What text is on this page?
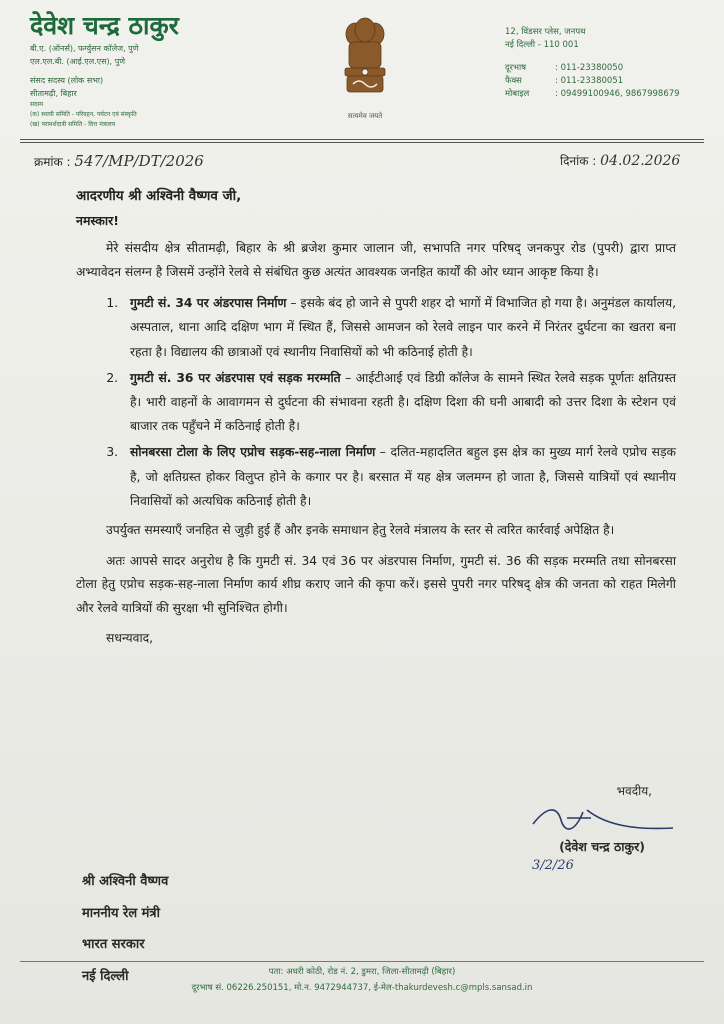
देवेश चन्द्र ठाकुर
बी.ए. (ऑनर्स), फर्ग्युसन कॉलेज, पुणे
एल.एल.बी. (आई.एल.एस), पुणे
संसद सदस्य (लोक सभा)
सीतामढ़ी, बिहार
सदस्य
(क) स्थायी समिति - परिवहन, पर्यटन एवं संस्कृति
(ख) परामर्शदात्री समिति - वित्त मंत्रालय
सत्यमेव जयते
12, विंडसर प्लेस, जनपथ
नई दिल्ली - 110 001
दूरभाष	: 011-23380050
फैक्स	: 011-23380051
मोबाइल	: 09499100946, 9867998679
क्रमांक : 547/MP/DT/2026	दिनांक : 04.02.2026
आदरणीय श्री अश्विनी वैष्णव जी,
नमस्कार!

मेरे संसदीय क्षेत्र सीतामढ़ी, बिहार के श्री ब्रजेश कुमार जालान जी, सभापति नगर परिषद् जनकपुर रोड (पुपरी) द्वारा प्राप्त अभ्यावेदन संलग्न है जिसमें उन्होंने रेलवे से संबंधित कुछ अत्यंत आवश्यक जनहित कार्यों की ओर ध्यान आकृष्ट किया है।

1. गुमटी सं. 34 पर अंडरपास निर्माण – इसके बंद हो जाने से पुपरी शहर दो भागों में विभाजित हो गया है। अनुमंडल कार्यालय, अस्पताल, थाना आदि दक्षिण भाग में स्थित हैं, जिससे आमजन को रेलवे लाइन पार करने में निरंतर दुर्घटना का खतरा बना रहता है। विद्यालय की छात्राओं एवं स्थानीय निवासियों को भी कठिनाई होती है।
2. गुमटी सं. 36 पर अंडरपास एवं सड़क मरम्मति – आईटीआई एवं डिग्री कॉलेज के सामने स्थित रेलवे सड़क पूर्णतः क्षतिग्रस्त है। भारी वाहनों के आवागमन से दुर्घटना की संभावना रहती है। दक्षिण दिशा की घनी आबादी को उत्तर दिशा के स्टेशन एवं बाजार तक पहुँचने में कठिनाई होती है।
3. सोनबरसा टोला के लिए एप्रोच सड़क-सह-नाला निर्माण – दलित-महादलित बहुल इस क्षेत्र का मुख्य मार्ग रेलवे एप्रोच सड़क है, जो क्षतिग्रस्त होकर विलुप्त होने के कगार पर है। बरसात में यह क्षेत्र जलमग्न हो जाता है, जिससे यात्रियों एवं स्थानीय निवासियों को अत्यधिक कठिनाई होती है।

उपर्युक्त समस्याएँ जनहित से जुड़ी हुई हैं और इनके समाधान हेतु रेलवे मंत्रालय के स्तर से त्वरित कार्रवाई अपेक्षित है।

अतः आपसे सादर अनुरोध है कि गुमटी सं. 34 एवं 36 पर अंडरपास निर्माण, गुमटी सं. 36 की सड़क मरम्मति तथा सोनबरसा टोला हेतु एप्रोच सड़क-सह-नाला निर्माण कार्य शीघ्र कराए जाने की कृपा करें। इससे पुपरी नगर परिषद् क्षेत्र की जनता को राहत मिलेगी और रेलवे यात्रियों की सुरक्षा भी सुनिश्चित होगी।

सधन्यवाद,
भवदीय,
(देवेश चन्द्र ठाकुर)
3/2/26
श्री अश्विनी वैष्णव
माननीय रेल मंत्री
भारत सरकार
नई दिल्ली	पता: अधरी कोठी, रोड नं. 2, डुमरा, जिला-सीतामढ़ी (बिहार)
दूरभाष सं. 06226.250151, मो.न. 9472944737, ई-मेल-thakurdevesh.c@mpls.sansad.in
